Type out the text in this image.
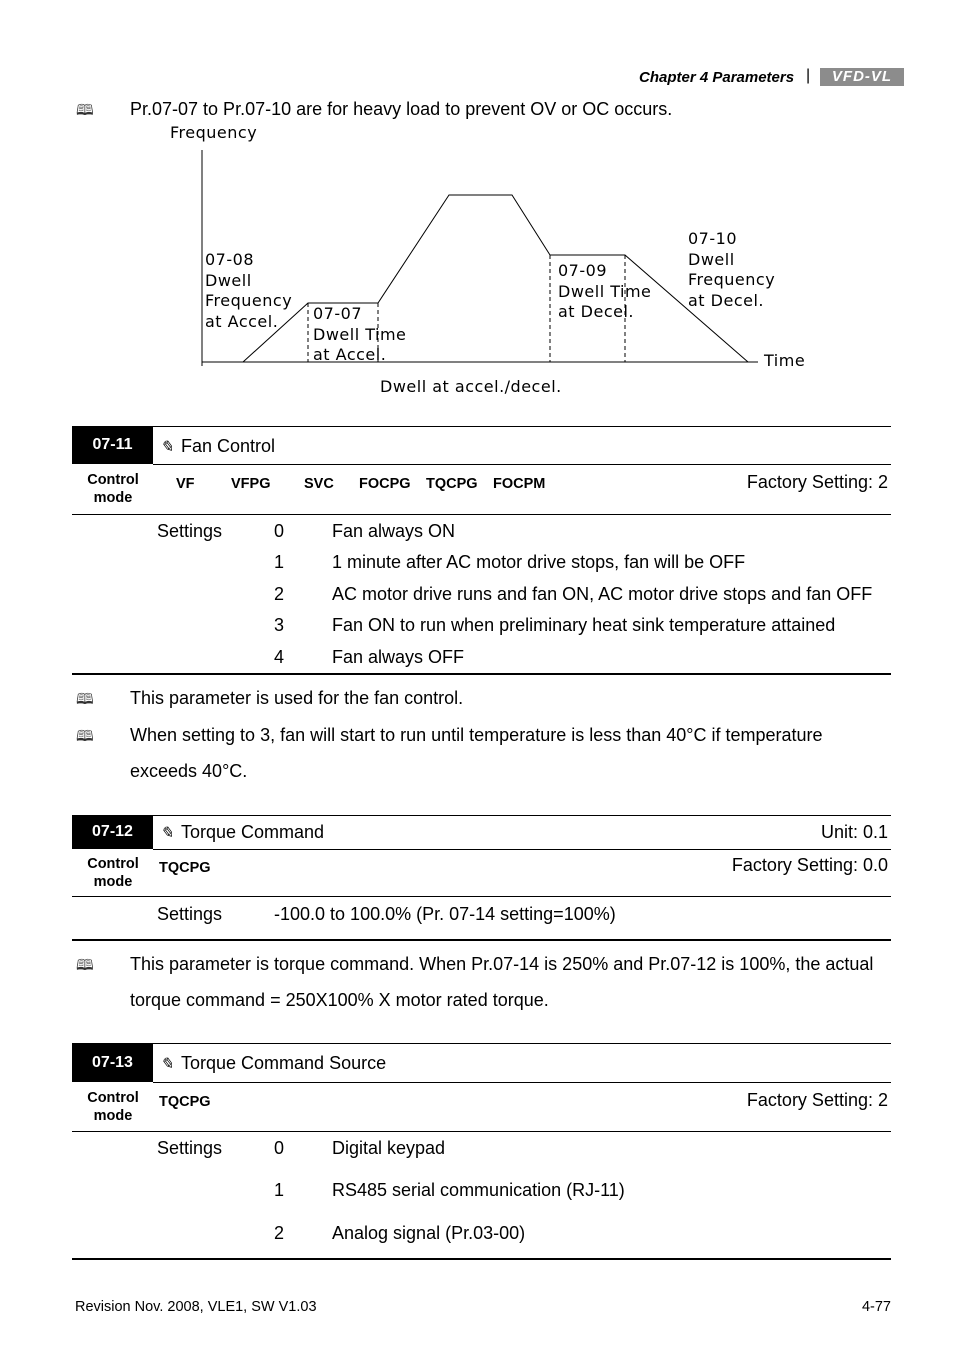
Chapter 4 Parameters |	VFD-VL
🕮 Pr.07-07 to Pr.07-10 are for heavy load to prevent OV or OC occurs.
Frequency
07-08
Dwell
Frequency
at Accel.	07-07
Dwell Time
at Accel.
07-09
Dwell Time
at Decel.
07-10
Dwell
Frequency
at Decel.
Time
Dwell at accel./decel.
07-11	✎ Fan Control
Control
mode
VF	VFPG SVC FOCPG TQCPG FOCPM	Factory Setting: 2
Settings	0	Fan always ON
1	1 minute after AC motor drive stops, fan will be OFF
2	AC motor drive runs and fan ON, AC motor drive stops and fan OFF
3	Fan ON to run when preliminary heat sink temperature attained
4	Fan always OFF
🕮 This parameter is used for the fan control.
🕮 When setting to 3, fan will start to run until temperature is less than 40°C if temperature
exceeds 40°C.
07-12	✎ Torque Command	Unit: 0.1
Control
mode
TQCPG	Factory Setting: 0.0
Settings	-100.0 to 100.0% (Pr. 07-14 setting=100%)
🕮 This parameter is torque command. When Pr.07-14 is 250% and Pr.07-12 is 100%, the actual
torque command = 250X100% X motor rated torque.
07-13	✎ Torque Command Source
Control
mode
TQCPG	Factory Setting: 2
Settings	0	Digital keypad
1	RS485 serial communication (RJ-11)
2	Analog signal (Pr.03-00)
Revision Nov. 2008, VLE1, SW V1.03	4-77
